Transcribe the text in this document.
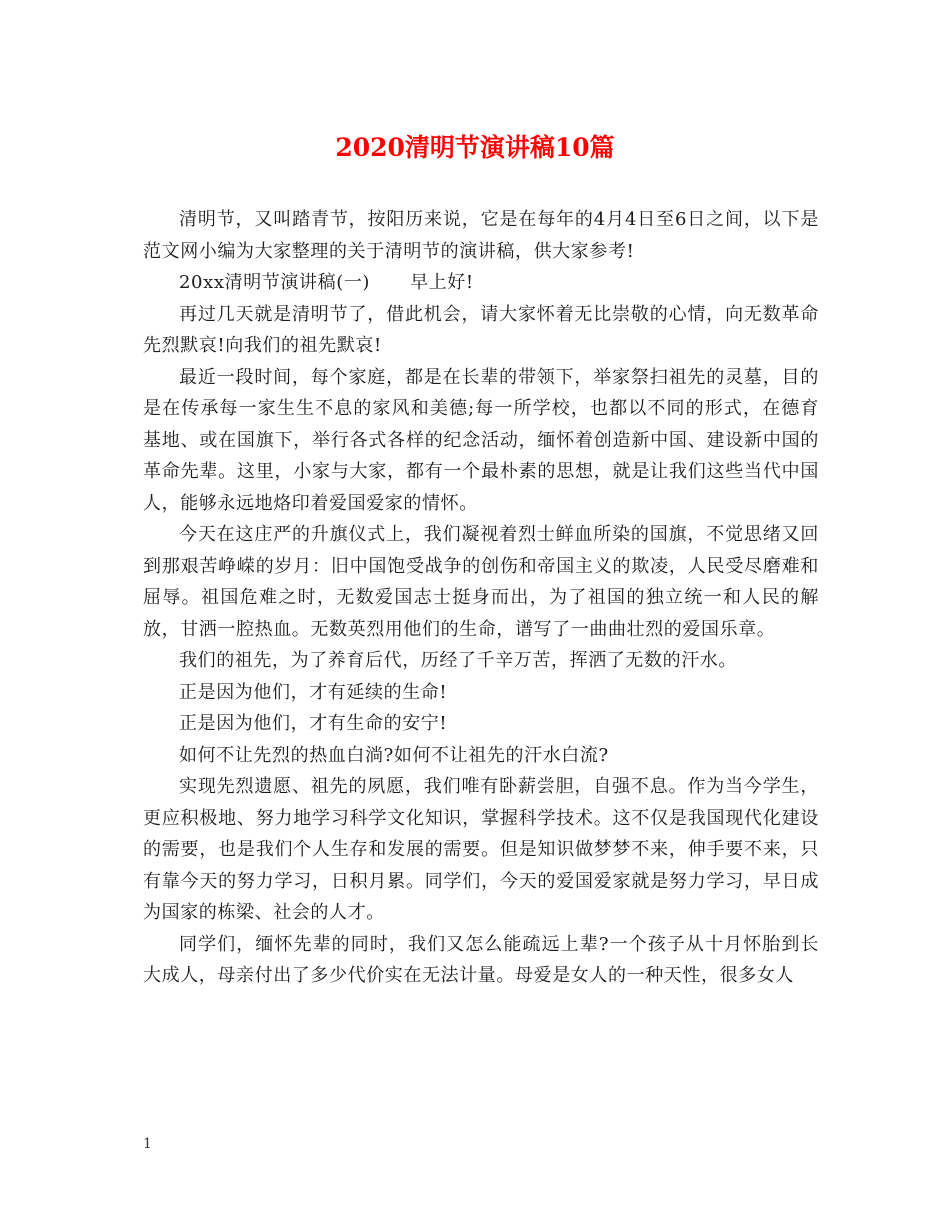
2020清明节演讲稿10篇

清明节，又叫踏青节，按阳历来说，它是在每年的4月4日至6日之间，以下是范文网小编为大家整理的关于清明节的演讲稿，供大家参考!

20xx清明节演讲稿(一) 早上好!

再过几天就是清明节了，借此机会，请大家怀着无比崇敬的心情，向无数革命先烈默哀!向我们的祖先默哀!

最近一段时间，每个家庭，都是在长辈的带领下，举家祭扫祖先的灵墓，目的是在传承每一家生生不息的家风和美德;每一所学校，也都以不同的形式，在德育基地、或在国旗下，举行各式各样的纪念活动，缅怀着创造新中国、建设新中国的革命先辈。这里，小家与大家，都有一个最朴素的思想，就是让我们这些当代中国人，能够永远地烙印着爱国爱家的情怀。

今天在这庄严的升旗仪式上，我们凝视着烈士鲜血所染的国旗，不觉思绪又回到那艰苦峥嵘的岁月：旧中国饱受战争的创伤和帝国主义的欺凌，人民受尽磨难和屈辱。祖国危难之时，无数爱国志士挺身而出，为了祖国的独立统一和人民的解放，甘洒一腔热血。无数英烈用他们的生命，谱写了一曲曲壮烈的爱国乐章。

我们的祖先，为了养育后代，历经了千辛万苦，挥洒了无数的汗水。

正是因为他们，才有延续的生命!

正是因为他们，才有生命的安宁!

如何不让先烈的热血白淌?如何不让祖先的汗水白流?

实现先烈遗愿、祖先的夙愿，我们唯有卧薪尝胆，自强不息。作为当今学生，更应积极地、努力地学习科学文化知识，掌握科学技术。这不仅是我国现代化建设的需要，也是我们个人生存和发展的需要。但是知识做梦梦不来，伸手要不来，只有靠今天的努力学习，日积月累。同学们，今天的爱国爱家就是努力学习，早日成为国家的栋梁、社会的人才。

同学们，缅怀先辈的同时，我们又怎么能疏远上辈?一个孩子从十月怀胎到长大成人，母亲付出了多少代价实在无法计量。母爱是女人的一种天性，很多女人

1
